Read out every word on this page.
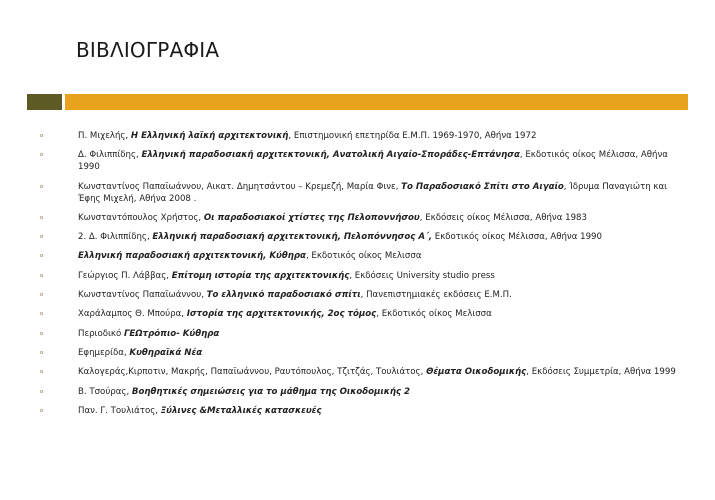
ΒΙΒΛΙΟΓΡΑΦΙΑ
o	Π. Μιχελής, Η Ελληνική λαϊκή αρχιτεκτονική, Επιστημονική επετηρίδα Ε.Μ.Π. 1969-1970, Αθήνα 1972
o	Δ. Φιλιππίδης, Ελληνική παραδοσιακή αρχιτεκτονική, Ανατολική Αιγαίο-Σποράδες-Επτάνησα, Εκδοτικός οίκος Μέλισσα, Αθήνα 1990
o	Κωνσταντίνος Παπαϊωάννου, Αικατ. Δημητσάντου – Κρεμεζή, Μαρία Φινε, Το Παραδοσιακό Σπίτι στο Αιγαίο, Ίδρυμα Παναγιώτη και Έφης Μιχελή, Αθήνα 2008 .
o	Κωνσταντόπουλος Χρήστος, Οι παραδοσιακοί χτίστες της Πελοποννήσου, Εκδόσεις οίκος Μέλισσα, Αθήνα 1983
o	2. Δ. Φιλιππίδης, Ελληνική παραδοσιακή αρχιτεκτονική, Πελοπόννησος Α΄, Εκδοτικός οίκος Μέλισσα, Αθήνα 1990
o	Ελληνική παραδοσιακή αρχιτεκτονική, Κύθηρα, Εκδοτικός οίκος Μελισσα
o	Γεώργιος Π. Λάββας, Επίτομη ιστορία της αρχιτεκτονικής, Εκδόσεις University studio press
o	Κωνσταντίνος Παπαϊωάννου, Το ελληνικό παραδοσιακό σπίτι, Πανεπιστημιακές εκδόσεις Ε.Μ.Π.
o	Χαράλαμπος Θ. Μπούρα, Ιστορία της αρχιτεκτονικής, 2ος τόμος, Εκδοτικός οίκος Μελισσα
o	Περιοδικό ΓΕΩτρόπιο- Κύθηρα
o	Εφημερίδα, Κυθηραϊκά Νέα
o	Καλογεράς,Κιρποτιν, Μακρής, Παπαϊωάννου, Ραυτόπουλος, Τζιτζάς, Τουλιάτος, Θέματα Οικοδομικής, Εκδόσεις Συμμετρία, Αθήνα 1999
o	Β. Τσούρας, Βοηθητικές σημειώσεις για το μάθημα της Οικοδομικής 2
o	Παν. Γ. Τουλιάτος, Ξύλινες &Μεταλλικές κατασκευές
